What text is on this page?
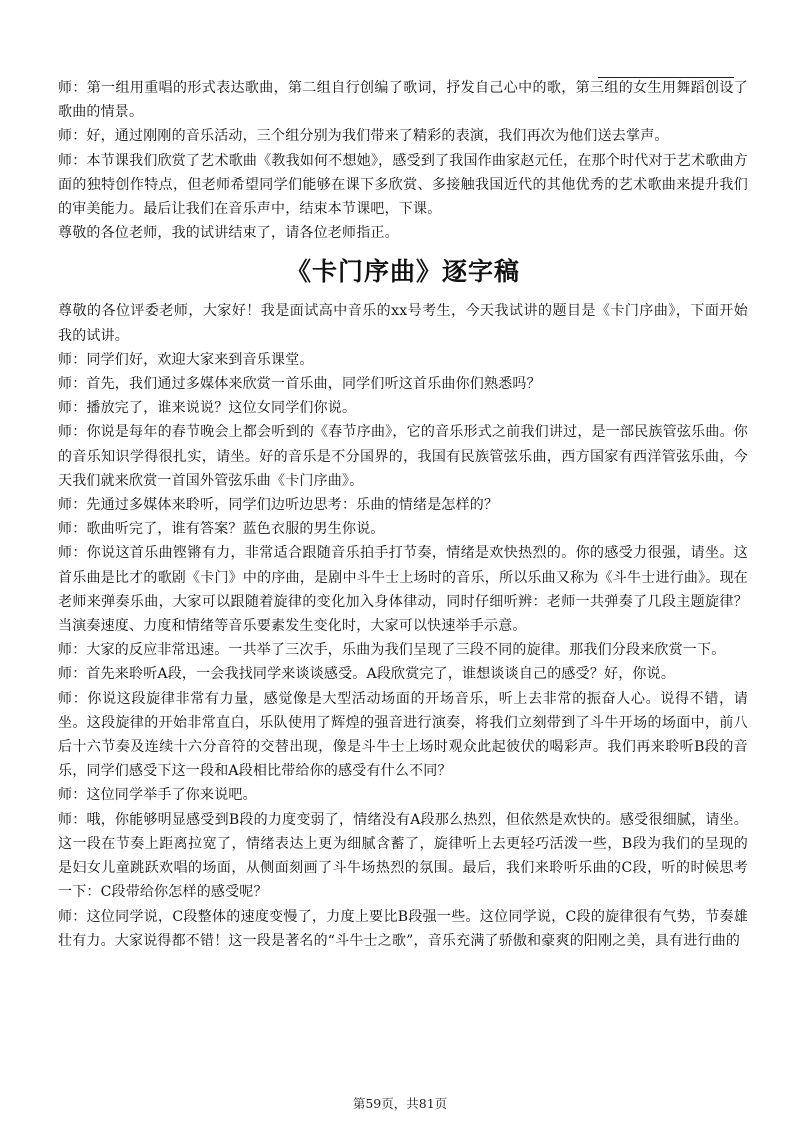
师：第一组用重唱的形式表达歌曲，第二组自行创编了歌词，抒发自己心中的歌，第三组的女生用舞蹈创设了歌曲的情景。

师：好，通过刚刚的音乐活动，三个组分别为我们带来了精彩的表演，我们再次为他们送去掌声。

师：本节课我们欣赏了艺术歌曲《教我如何不想她》，感受到了我国作曲家赵元任，在那个时代对于艺术歌曲方面的独特创作特点，但老师希望同学们能够在课下多欣赏、多接触我国近代的其他优秀的艺术歌曲来提升我们的审美能力。最后让我们在音乐声中，结束本节课吧，下课。

尊敬的各位老师，我的试讲结束了，请各位老师指正。

《卡门序曲》逐字稿

尊敬的各位评委老师，大家好！我是面试高中音乐的xx号考生，今天我试讲的题目是《卡门序曲》，下面开始我的试讲。

师：同学们好，欢迎大家来到音乐课堂。

师：首先，我们通过多媒体来欣赏一首乐曲，同学们听这首乐曲你们熟悉吗？

师：播放完了，谁来说说？这位女同学们你说。

师：你说是每年的春节晚会上都会听到的《春节序曲》，它的音乐形式之前我们讲过，是一部民族管弦乐曲。你的音乐知识学得很扎实，请坐。好的音乐是不分国界的，我国有民族管弦乐曲，西方国家有西洋管弦乐曲，今天我们就来欣赏一首国外管弦乐曲《卡门序曲》。

师：先通过多媒体来聆听，同学们边听边思考：乐曲的情绪是怎样的？

师：歌曲听完了，谁有答案？蓝色衣服的男生你说。

师：你说这首乐曲铿锵有力，非常适合跟随音乐拍手打节奏，情绪是欢快热烈的。你的感受力很强，请坐。这首乐曲是比才的歌剧《卡门》中的序曲，是剧中斗牛士上场时的音乐，所以乐曲又称为《斗牛士进行曲》。现在老师来弹奏乐曲，大家可以跟随着旋律的变化加入身体律动，同时仔细听辨：老师一共弹奏了几段主题旋律？当演奏速度、力度和情绪等音乐要素发生变化时，大家可以快速举手示意。

师：大家的反应非常迅速。一共举了三次手，乐曲为我们呈现了三段不同的旋律。那我们分段来欣赏一下。

师：首先来聆听A段，一会我找同学来谈谈感受。A段欣赏完了，谁想谈谈自己的感受？好，你说。

师：你说这段旋律非常有力量，感觉像是大型活动场面的开场音乐，听上去非常的振奋人心。说得不错，请坐。这段旋律的开始非常直白，乐队使用了辉煌的强音进行演奏，将我们立刻带到了斗牛开场的场面中，前八后十六节奏及连续十六分音符的交替出现，像是斗牛士上场时观众此起彼伏的喝彩声。我们再来聆听B段的音乐，同学们感受下这一段和A段相比带给你的感受有什么不同？

师：这位同学举手了你来说吧。

师：哦，你能够明显感受到B段的力度变弱了，情绪没有A段那么热烈，但依然是欢快的。感受很细腻，请坐。这一段在节奏上距离拉宽了，情绪表达上更为细腻含蓄了，旋律听上去更轻巧活泼一些，B段为我们的呈现的是妇女儿童跳跃欢唱的场面，从侧面刻画了斗牛场热烈的氛围。最后，我们来聆听乐曲的C段，听的时候思考一下：C段带给你怎样的感受呢？

师：这位同学说，C段整体的速度变慢了，力度上要比B段强一些。这位同学说，C段的旋律很有气势，节奏雄壮有力。大家说得都不错！这一段是著名的“斗牛士之歌”，音乐充满了骄傲和豪爽的阳刚之美，具有进行曲的

第59页，共81页
